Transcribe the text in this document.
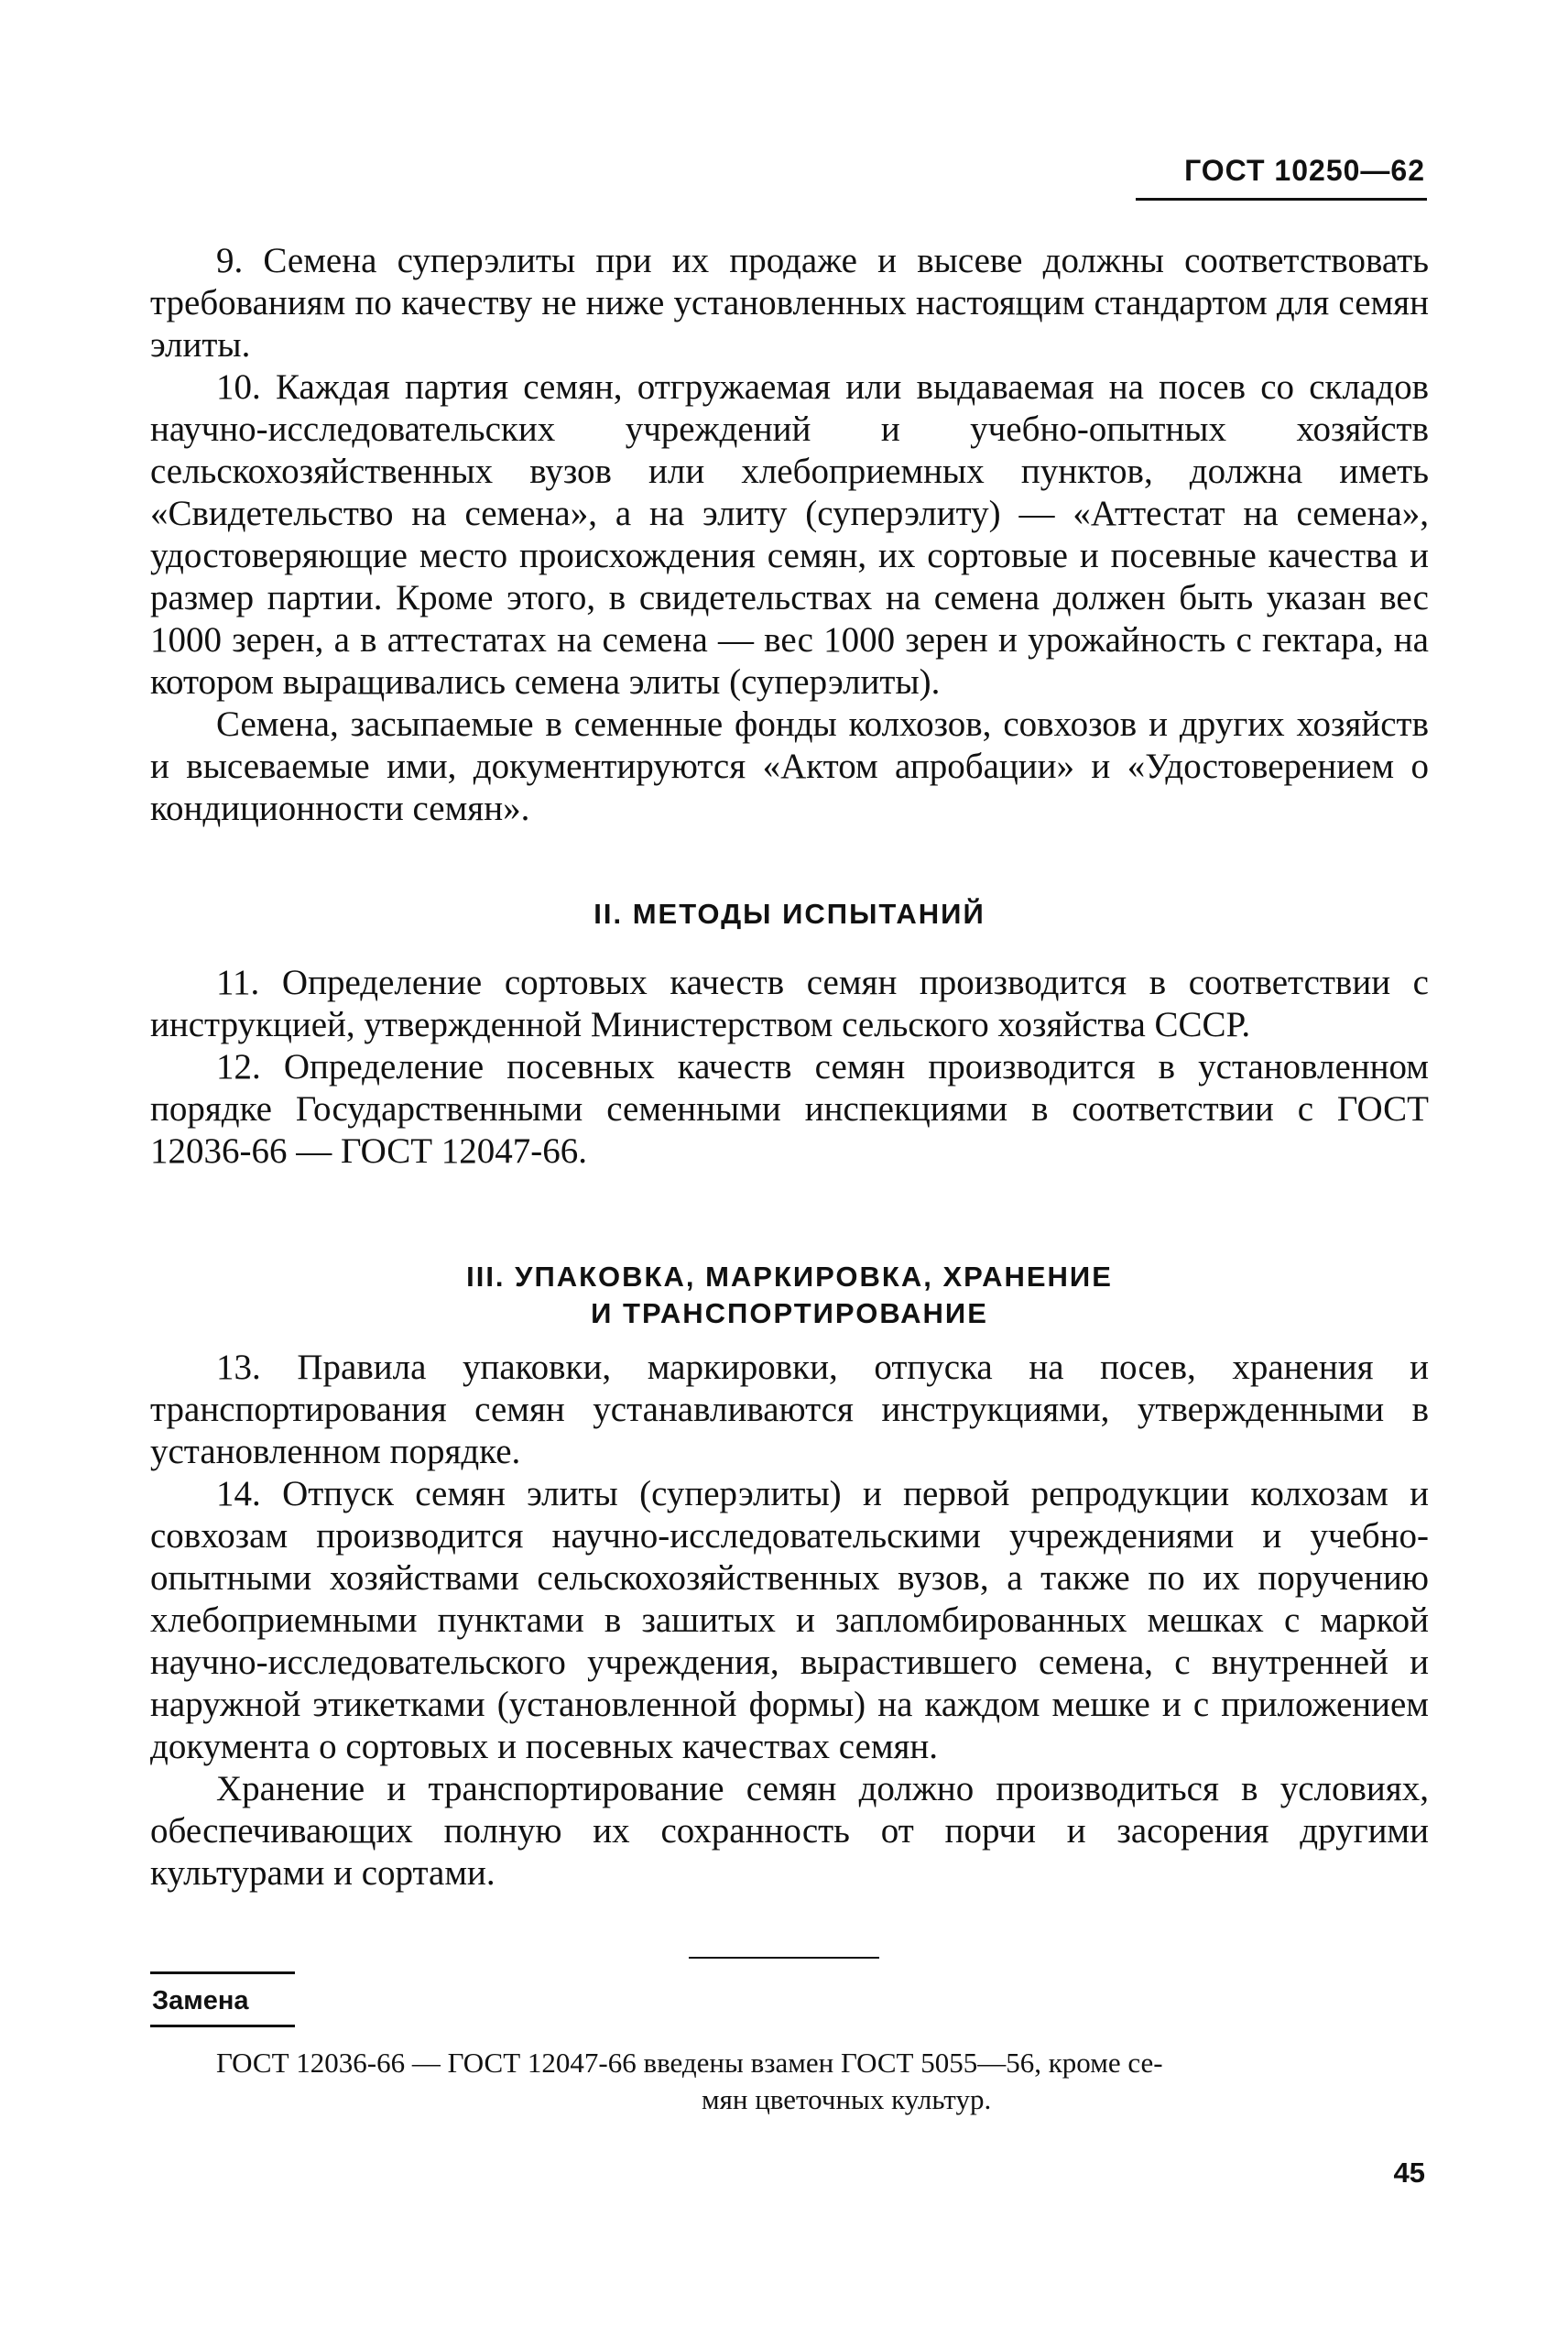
ГОСТ 10250—62

9. Семена суперэлиты при их продаже и высеве должны соответствовать требованиям по качеству не ниже установленных настоящим стандартом для семян элиты.

10. Каждая партия семян, отгружаемая или выдаваемая на посев со складов научно-исследовательских учреждений и учебно-опытных хозяйств сельскохозяйственных вузов или хлебоприемных пунктов, должна иметь «Свидетельство на семена», а на элиту (суперэлиту) — «Аттестат на семена», удостоверяющие место происхождения семян, их сортовые и посевные качества и размер партии. Кроме этого, в свидетельствах на семена должен быть указан вес 1000 зерен, а в аттестатах на семена — вес 1000 зерен и урожайность с гектара, на котором выращивались семена элиты (суперэлиты).

Семена, засыпаемые в семенные фонды колхозов, совхозов и других хозяйств и высеваемые ими, документируются «Актом апробации» и «Удостоверением о кондиционности семян».

II. МЕТОДЫ ИСПЫТАНИЙ

11. Определение сортовых качеств семян производится в соответствии с инструкцией, утвержденной Министерством сельского хозяйства СССР.

12. Определение посевных качеств семян производится в установленном порядке Государственными семенными инспекциями в соответствии с ГОСТ 12036-66 — ГОСТ 12047-66.

III. УПАКОВКА, МАРКИРОВКА, ХРАНЕНИЕ
И ТРАНСПОРТИРОВАНИЕ

13. Правила упаковки, маркировки, отпуска на посев, хранения и транспортирования семян устанавливаются инструкциями, утвержденными в установленном порядке.

14. Отпуск семян элиты (суперэлиты) и первой репродукции колхозам и совхозам производится научно-исследовательскими учреждениями и учебно-опытными хозяйствами сельскохозяйственных вузов, а также по их поручению хлебоприемными пунктами в зашитых и запломбированных мешках с маркой научно-исследовательского учреждения, вырастившего семена, с внутренней и наружной этикетками (установленной формы) на каждом мешке и с приложением документа о сортовых и посевных качествах семян.

Хранение и транспортирование семян должно производиться в условиях, обеспечивающих полную их сохранность от порчи и засорения другими культурами и сортами.

Замена
ГОСТ 12036-66 — ГОСТ 12047-66 введены взамен ГОСТ 5055—56, кроме се-
мян цветочных культур.
45
